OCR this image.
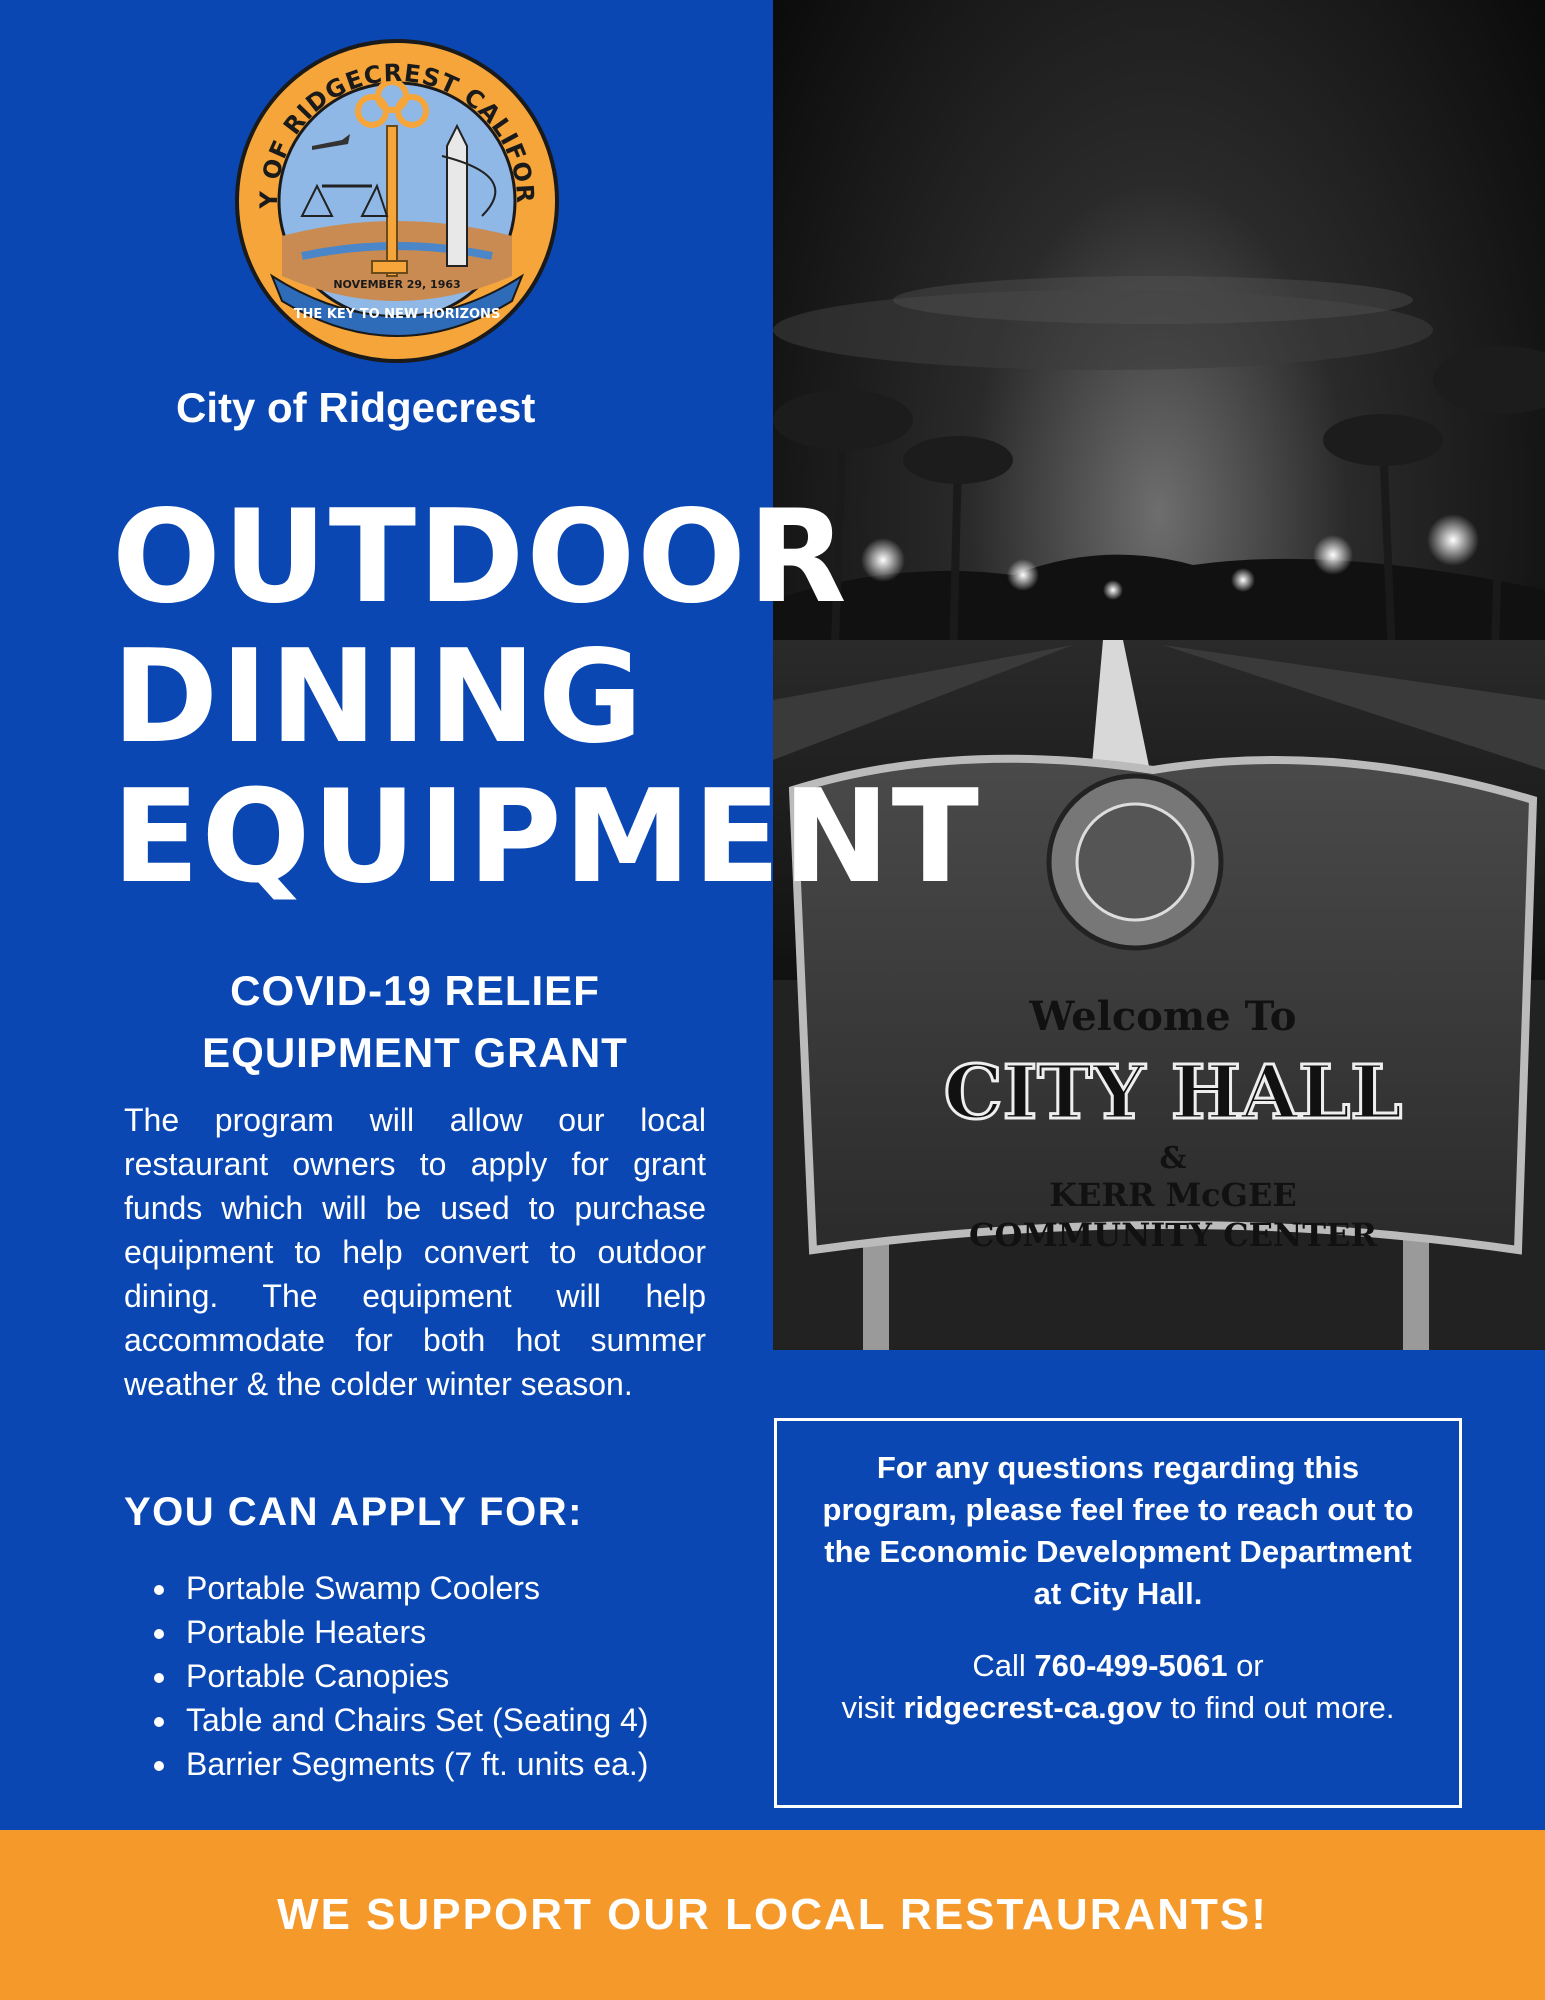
Welcome To
CITY HALL
&
KERR McGEE
COMMUNITY CENTER
Y OF RIDGECREST CALIFOR
NOVEMBER 29, 1963
THE KEY TO NEW HORIZONS

City of Ridgecrest

OUTDOOR
DINING
EQUIPMENT
COVID-19 RELIEF
EQUIPMENT GRANT

The program will allow our local restaurant owners to apply for grant funds which will be used to purchase equipment to help convert to outdoor dining. The equipment will help accommodate for both hot summer weather & the colder winter season.

YOU CAN APPLY FOR:
• Portable Swamp Coolers
• Portable Heaters
• Portable Canopies
• Table and Chairs Set (Seating 4)
• Barrier Segments (7 ft. units ea.)

For any questions regarding this program, please feel free to reach out to the Economic Development Department at City Hall.

Call 760-499-5061 or
visit ridgecrest-ca.gov to find out more.

WE SUPPORT OUR LOCAL RESTAURANTS!
